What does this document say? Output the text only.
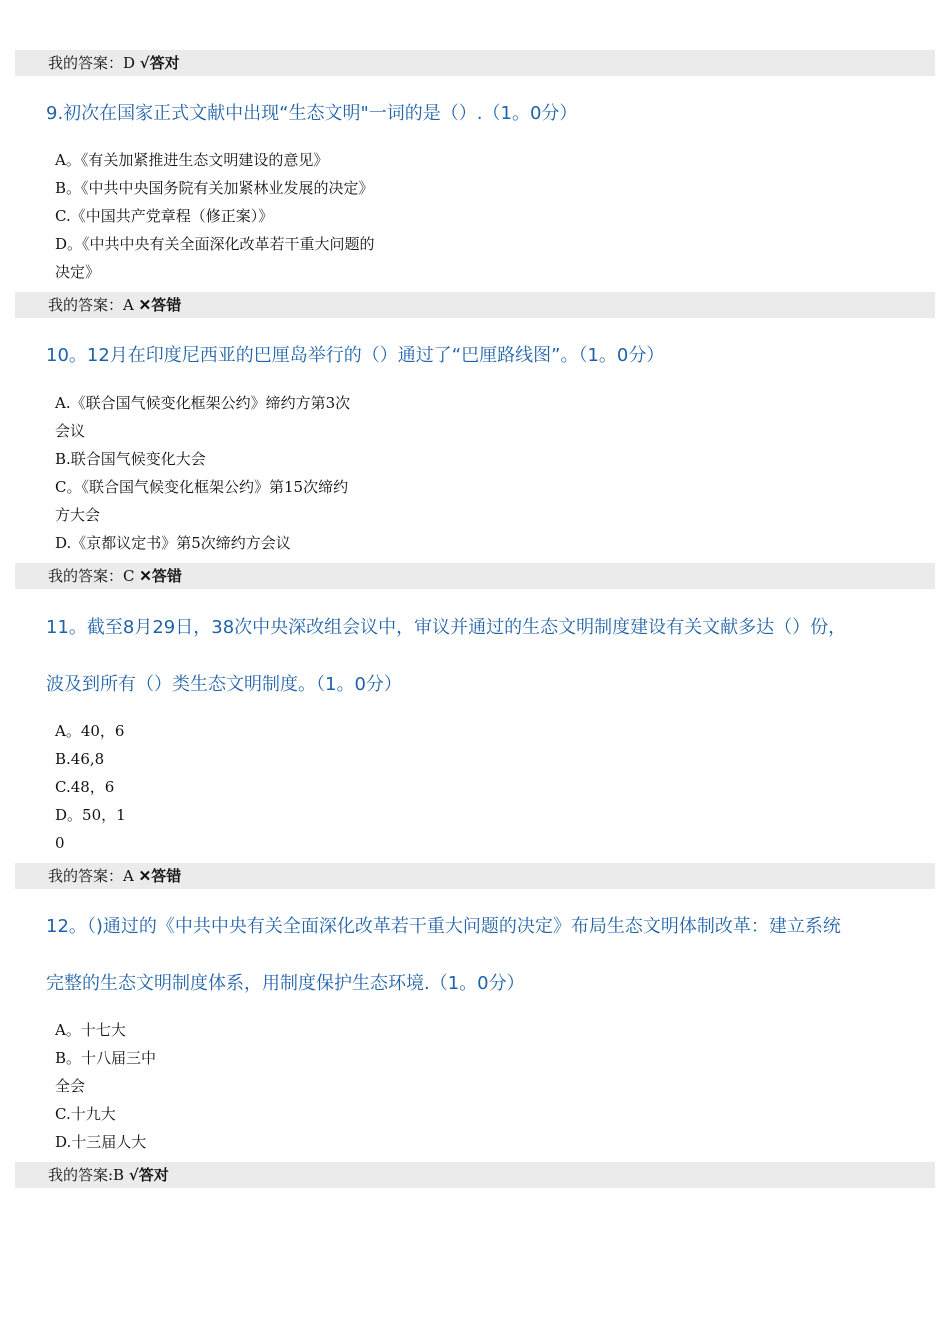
我的答案：D √答对
9.初次在国家正式文献中出现“生态文明"一词的是（）.（1。0分）
A。《有关加紧推进生态文明建设的意见》
B。《中共中央国务院有关加紧林业发展的决定》
C.《中国共产党章程（修正案）》
D。《中共中央有关全面深化改革若干重大问题的
决定》
我的答案：A ✕答错
10。12月在印度尼西亚的巴厘岛举行的（）通过了“巴厘路线图”。（1。0分）
A.《联合国气候变化框架公约》缔约方第3次
会议
B.联合国气候变化大会
C。《联合国气候变化框架公约》第15次缔约
方大会
D.《京都议定书》第5次缔约方会议
我的答案：C ✕答错
11。截至8月29日，38次中央深改组会议中，审议并通过的生态文明制度建设有关文献多达（）份，
波及到所有（）类生态文明制度。（1。0分）
A。40，6
B.46,8
C.48，6
D。50，1
0
我的答案：A ✕答错
12。（)通过的《中共中央有关全面深化改革若干重大问题的决定》布局生态文明体制改革：建立系统
完整的生态文明制度体系，用制度保护生态环境.（1。0分）
A。十七大
B。十八届三中
全会
C.十九大
D.十三届人大
我的答案:B √答对
